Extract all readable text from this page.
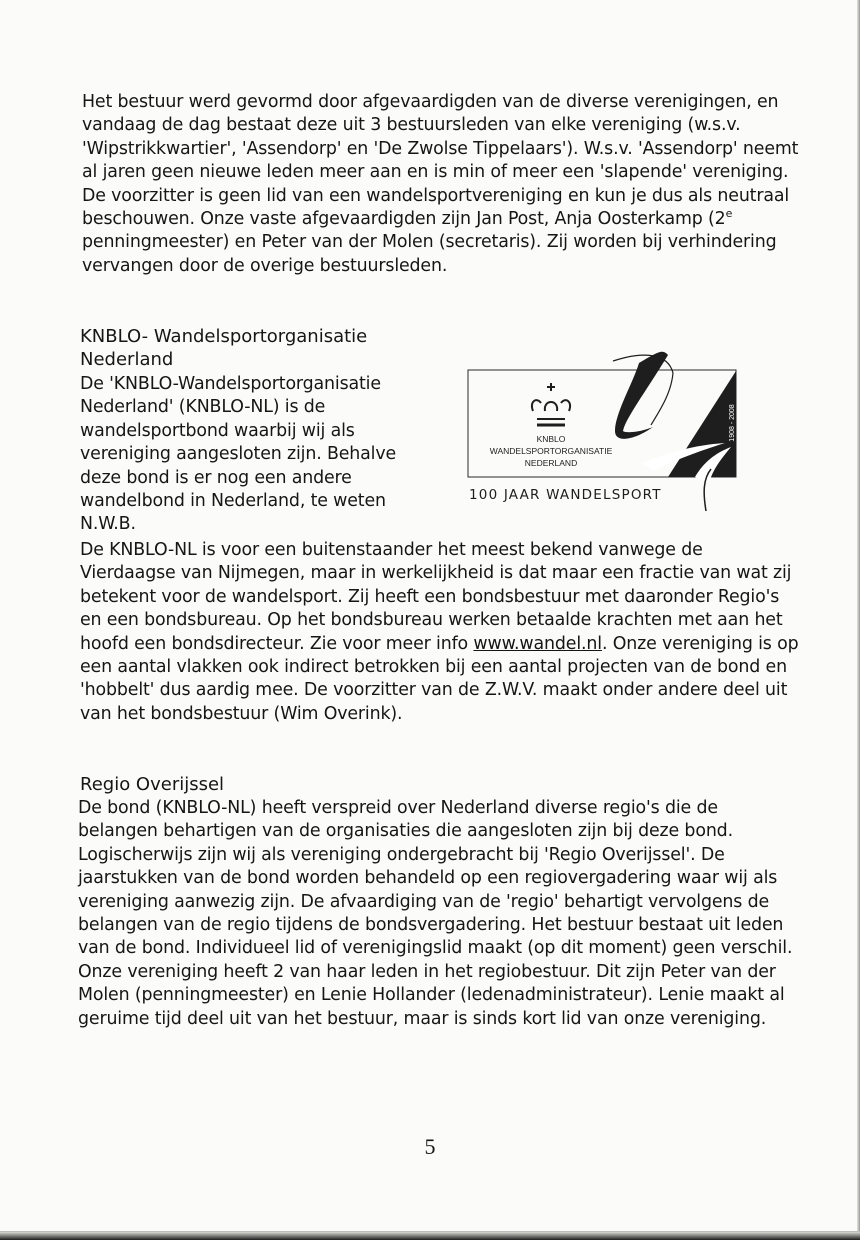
Het bestuur werd gevormd door afgevaardigden van de diverse verenigingen, en vandaag de dag bestaat deze uit 3 bestuursleden van elke vereniging (w.s.v. 'Wipstrikkwartier', 'Assendorp' en 'De Zwolse Tippelaars'). W.s.v. 'Assendorp' neemt al jaren geen nieuwe leden meer aan en is min of meer een 'slapende' vereniging. De voorzitter is geen lid van een wandelsportvereniging en kun je dus als neutraal beschouwen. Onze vaste afgevaardigden zijn Jan Post, Anja Oosterkamp (2e penningmeester) en Peter van der Molen (secretaris). Zij worden bij verhindering vervangen door de overige bestuursleden.

KNBLO- Wandelsportorganisatie Nederland

De 'KNBLO-Wandelsportorganisatie Nederland' (KNBLO-NL) is de wandelsportbond waarbij wij als vereniging aangesloten zijn. Behalve deze bond is er nog een andere wandelbond in Nederland, te weten N.W.B.

KNBLO
WANDELSPORTORGANISATIE
NEDERLAND
1908 - 2008
100 JAAR WANDELSPORT

De KNBLO-NL is voor een buitenstaander het meest bekend vanwege de Vierdaagse van Nijmegen, maar in werkelijkheid is dat maar een fractie van wat zij betekent voor de wandelsport. Zij heeft een bondsbestuur met daaronder Regio's en een bondsbureau. Op het bondsbureau werken betaalde krachten met aan het hoofd een bondsdirecteur. Zie voor meer info www.wandel.nl. Onze vereniging is op een aantal vlakken ook indirect betrokken bij een aantal projecten van de bond en 'hobbelt' dus aardig mee. De voorzitter van de Z.W.V. maakt onder andere deel uit van het bondsbestuur (Wim Overink).

Regio Overijssel

De bond (KNBLO-NL) heeft verspreid over Nederland diverse regio's die de belangen behartigen van de organisaties die aangesloten zijn bij deze bond. Logischerwijs zijn wij als vereniging ondergebracht bij 'Regio Overijssel'. De jaarstukken van de bond worden behandeld op een regiovergadering waar wij als vereniging aanwezig zijn. De afvaardiging van de 'regio' behartigt vervolgens de belangen van de regio tijdens de bondsvergadering. Het bestuur bestaat uit leden van de bond. Individueel lid of verenigingslid maakt (op dit moment) geen verschil. Onze vereniging heeft 2 van haar leden in het regiobestuur. Dit zijn Peter van der Molen (penningmeester) en Lenie Hollander (ledenadministrateur). Lenie maakt al geruime tijd deel uit van het bestuur, maar is sinds kort lid van onze vereniging.

5
